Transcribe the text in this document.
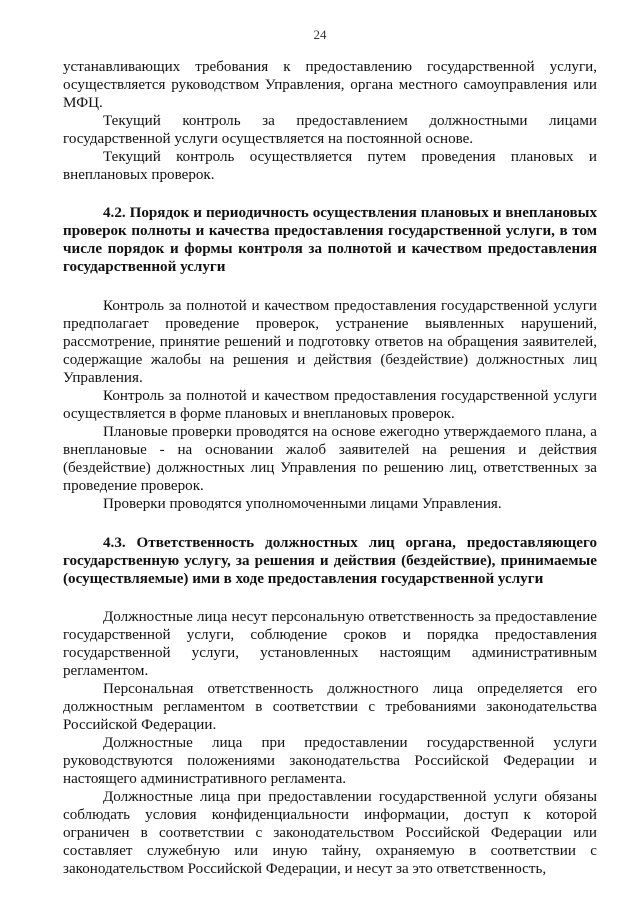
24

устанавливающих требования к предоставлению государственной услуги, осуществляется руководством Управления, органа местного самоуправления или МФЦ.

Текущий контроль за предоставлением должностными лицами государственной услуги осуществляется на постоянной основе.

Текущий контроль осуществляется путем проведения плановых и внеплановых проверок.

4.2. Порядок и периодичность осуществления плановых и внеплановых проверок полноты и качества предоставления государственной услуги, в том числе порядок и формы контроля за полнотой и качеством предоставления государственной услуги

Контроль за полнотой и качеством предоставления государственной услуги предполагает проведение проверок, устранение выявленных нарушений, рассмотрение, принятие решений и подготовку ответов на обращения заявителей, содержащие жалобы на решения и действия (бездействие) должностных лиц Управления.

Контроль за полнотой и качеством предоставления государственной услуги осуществляется в форме плановых и внеплановых проверок.

Плановые проверки проводятся на основе ежегодно утверждаемого плана, а внеплановые - на основании жалоб заявителей на решения и действия (бездействие) должностных лиц Управления по решению лиц, ответственных за проведение проверок.

Проверки проводятся уполномоченными лицами Управления.

4.3. Ответственность должностных лиц органа, предоставляющего государственную услугу, за решения и действия (бездействие), принимаемые (осуществляемые) ими в ходе предоставления государственной услуги

Должностные лица несут персональную ответственность за предоставление государственной услуги, соблюдение сроков и порядка предоставления государственной услуги, установленных настоящим административным регламентом.

Персональная ответственность должностного лица определяется его должностным регламентом в соответствии с требованиями законодательства Российской Федерации.

Должностные лица при предоставлении государственной услуги руководствуются положениями законодательства Российской Федерации и настоящего административного регламента.

Должностные лица при предоставлении государственной услуги обязаны соблюдать условия конфиденциальности информации, доступ к которой ограничен в соответствии с законодательством Российской Федерации или составляет служебную или иную тайну, охраняемую в соответствии с законодательством Российской Федерации, и несут за это ответственность,
